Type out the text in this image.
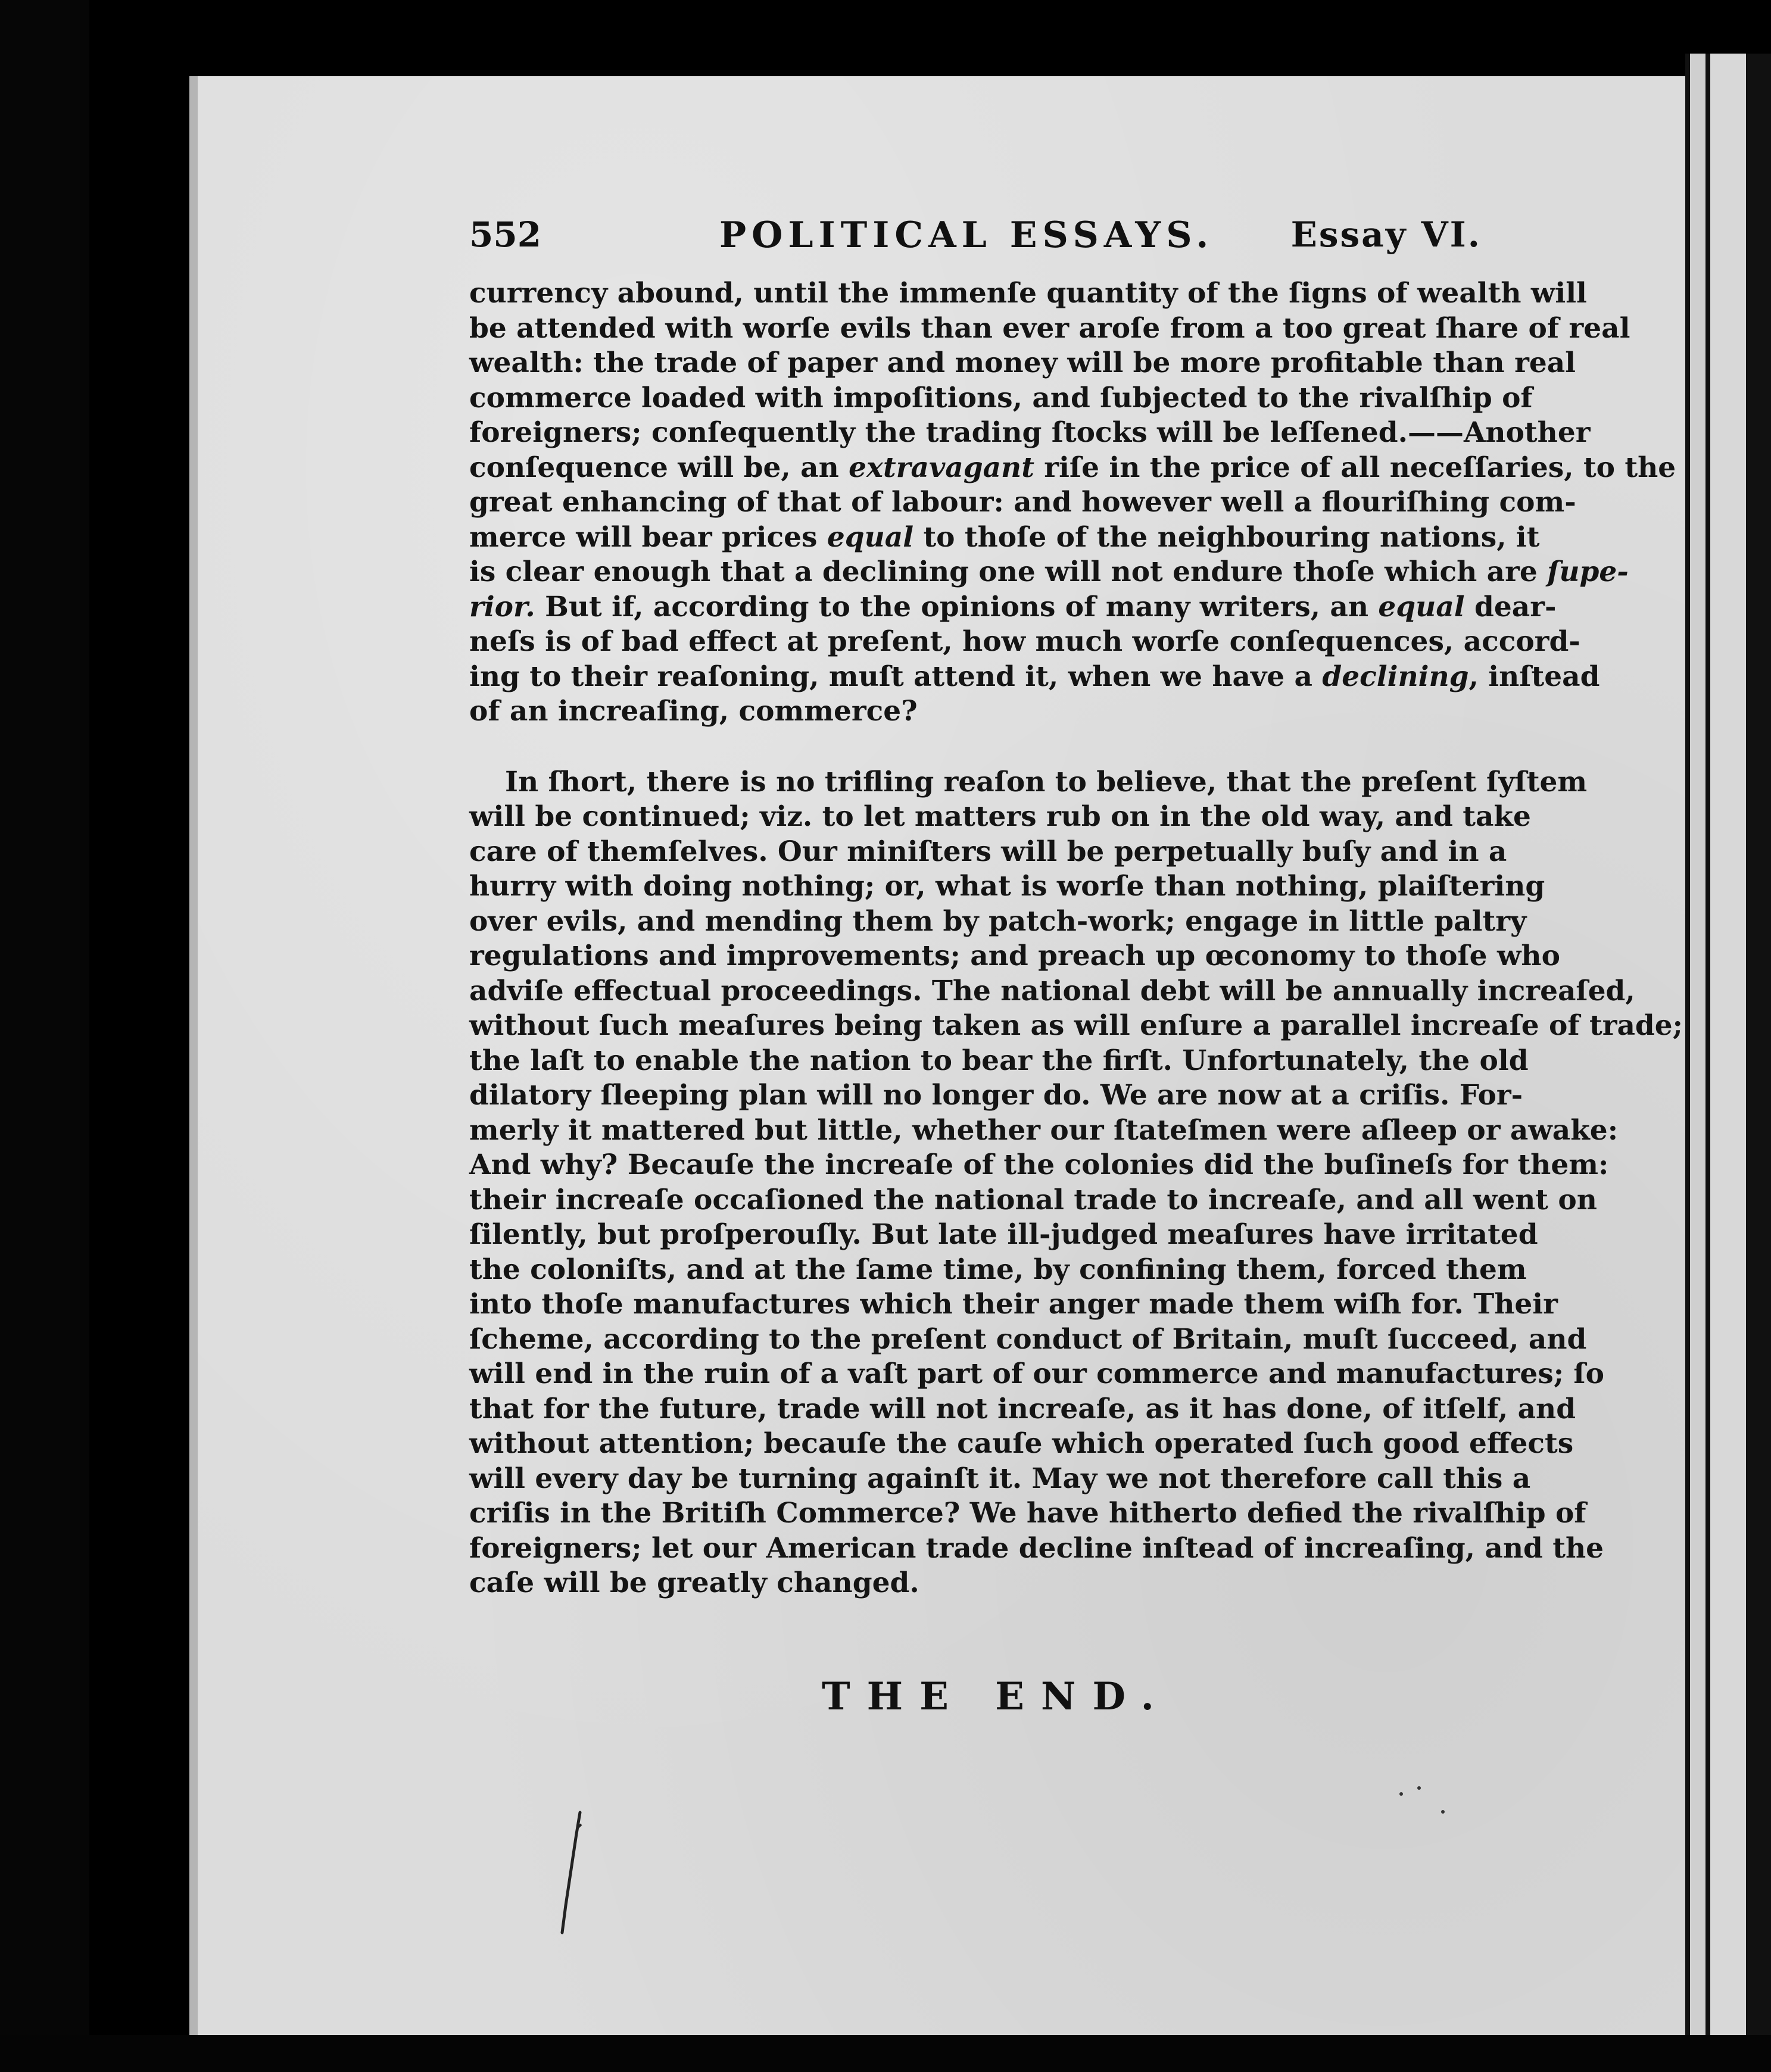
552	POLITICAL ESSAYS. Essay VI.
currency abound, until the immenſe quantity of the ſigns of wealth will
be attended with worſe evils than ever aroſe from a too great ſhare of real
wealth: the trade of paper and money will be more profitable than real
commerce loaded with impoſitions, and ſubjected to the rivalſhip of
foreigners; conſequently the trading ſtocks will be leſſened.——Another
conſequence will be, an extravagant riſe in the price of all neceſſaries, to the
great enhancing of that of labour: and however well a flouriſhing com-
merce will bear prices equal to thoſe of the neighbouring nations, it
is clear enough that a declining one will not endure thoſe which are ſupe-
rior. But if, according to the opinions of many writers, an equal dear-
neſs is of bad effect at preſent, how much worſe conſequences, accord-
ing to their reaſoning, muſt attend it, when we have a declining, inſtead
of an increaſing, commerce?
In ſhort, there is no trifling reaſon to believe, that the preſent ſyſtem
will be continued; viz. to let matters rub on in the old way, and take
care of themſelves. Our miniſters will be perpetually buſy and in a
hurry with doing nothing; or, what is worſe than nothing, plaiſtering
over evils, and mending them by patch-work; engage in little paltry
regulations and improvements; and preach up œconomy to thoſe who
adviſe effectual proceedings. The national debt will be annually increaſed,
without ſuch meaſures being taken as will enſure a parallel increaſe of trade;
the laſt to enable the nation to bear the firſt. Unfortunately, the old
dilatory ſleeping plan will no longer do. We are now at a criſis. For-
merly it mattered but little, whether our ſtateſmen were aſleep or awake:
And why? Becauſe the increaſe of the colonies did the buſineſs for them:
their increaſe occaſioned the national trade to increaſe, and all went on
ſilently, but proſperouſly. But late ill-judged meaſures have irritated
the coloniſts, and at the ſame time, by confining them, forced them
into thoſe manufactures which their anger made them wiſh for. Their
ſcheme, according to the preſent conduct of Britain, muſt ſucceed, and
will end in the ruin of a vaſt part of our commerce and manufactures; ſo
that for the future, trade will not increaſe, as it has done, of itſelf, and
without attention; becauſe the cauſe which operated ſuch good effects
will every day be turning againſt it. May we not therefore call this a
criſis in the Britiſh Commerce? We have hitherto defied the rivalſhip of
foreigners; let our American trade decline inſtead of increaſing, and the
caſe will be greatly changed.
THE END.
